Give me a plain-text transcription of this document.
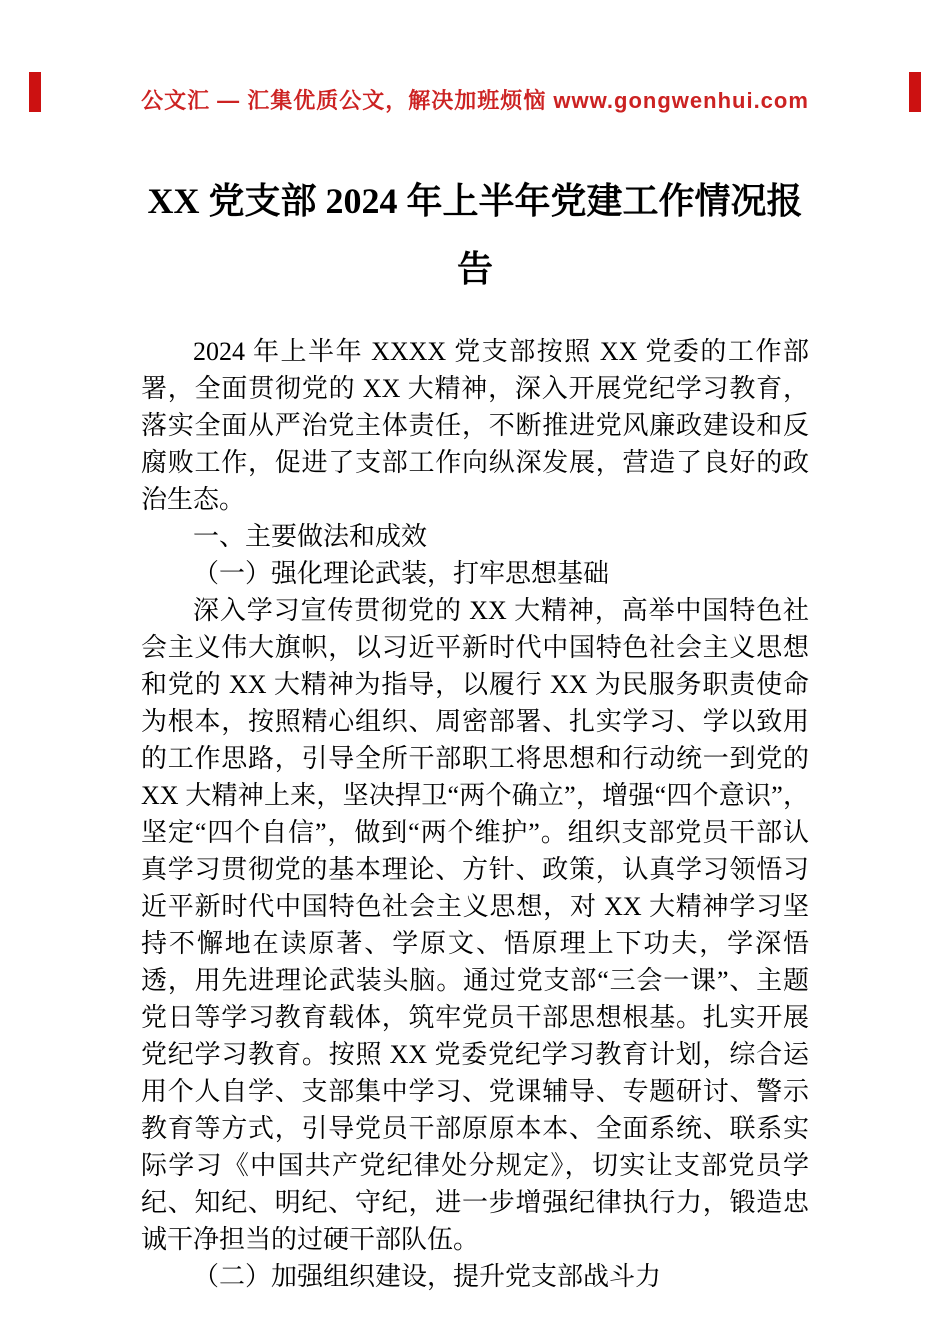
公文汇 — 汇集优质公文，解决加班烦恼 www.gongwenhui.com
XX 党支部 2024 年上半年党建工作情况报告

2024 年上半年 XXXX 党支部按照 XX 党委的工作部署，全面贯彻党的 XX 大精神，深入开展党纪学习教育，落实全面从严治党主体责任，不断推进党风廉政建设和反腐败工作，促进了支部工作向纵深发展，营造了良好的政治生态。

一、主要做法和成效

（一）强化理论武装，打牢思想基础

深入学习宣传贯彻党的 XX 大精神，高举中国特色社会主义伟大旗帜，以习近平新时代中国特色社会主义思想和党的 XX 大精神为指导，以履行 XX 为民服务职责使命为根本，按照精心组织、周密部署、扎实学习、学以致用的工作思路，引导全所干部职工将思想和行动统一到党的 XX 大精神上来，坚决捍卫“两个确立”，增强“四个意识”，坚定“四个自信”，做到“两个维护”。组织支部党员干部认真学习贯彻党的基本理论、方针、政策，认真学习领悟习近平新时代中国特色社会主义思想，对 XX 大精神学习坚持不懈地在读原著、学原文、悟原理上下功夫，学深悟透，用先进理论武装头脑。通过党支部“三会一课”、主题党日等学习教育载体，筑牢党员干部思想根基。扎实开展党纪学习教育。按照 XX 党委党纪学习教育计划，综合运用个人自学、支部集中学习、党课辅导、专题研讨、警示教育等方式，引导党员干部原原本本、全面系统、联系实际学习《中国共产党纪律处分规定》，切实让支部党员学纪、知纪、明纪、守纪，进一步增强纪律执行力，锻造忠诚干净担当的过硬干部队伍。

（二）加强组织建设，提升党支部战斗力
